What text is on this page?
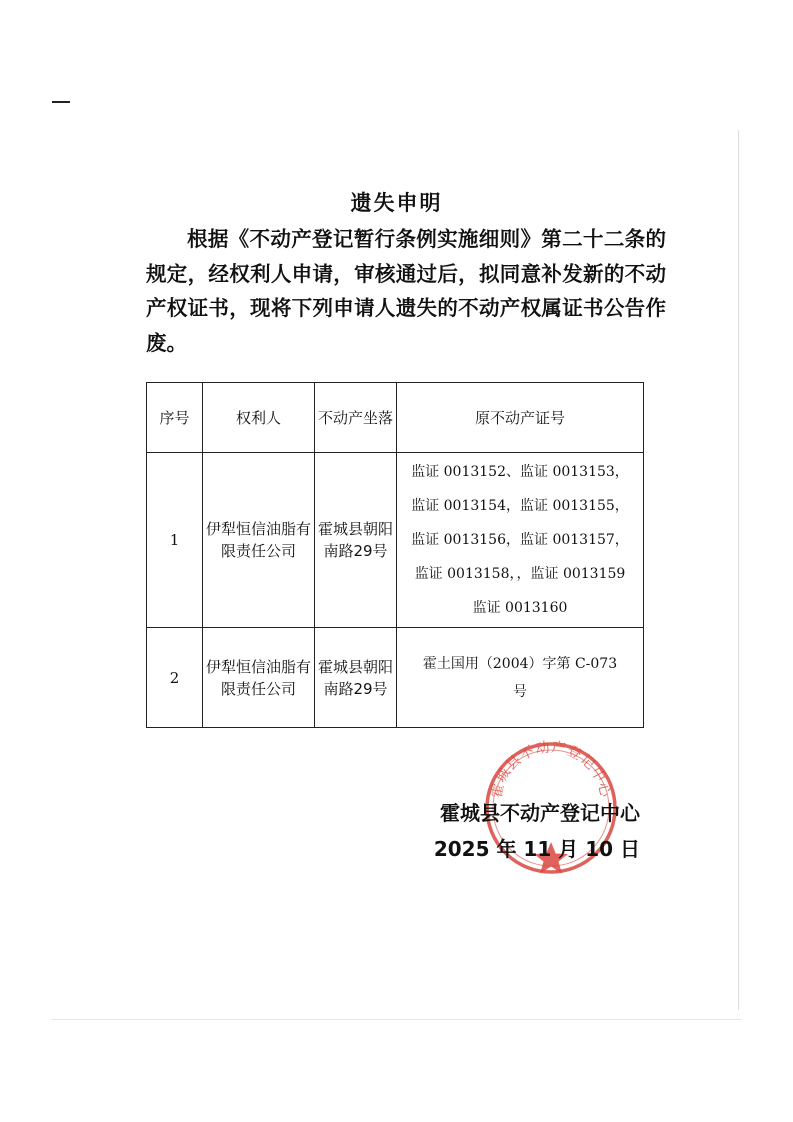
遗失申明

根据《不动产登记暂行条例实施细则》第二十二条的规定，经权利人申请，审核通过后，拟同意补发新的不动产权证书，现将下列申请人遗失的不动产权属证书公告作废。

序号	权利人	不动产坐落	原不动产证号
1	伊犁恒信油脂有限责任公司	霍城县朝阳南路29号	监证 0013152、监证 0013153，
监证 0013154，监证 0013155，
监证 0013156，监证 0013157，
监证 0013158，，监证 0013159
监证 0013160

2	伊犁恒信油脂有限责任公司	霍城县朝阳南路29号	霍土国用（2004）字第 C-073
号
霍城县不动产登记中心
霍城县不动产登记中心
2025 年 11 月 10 日
